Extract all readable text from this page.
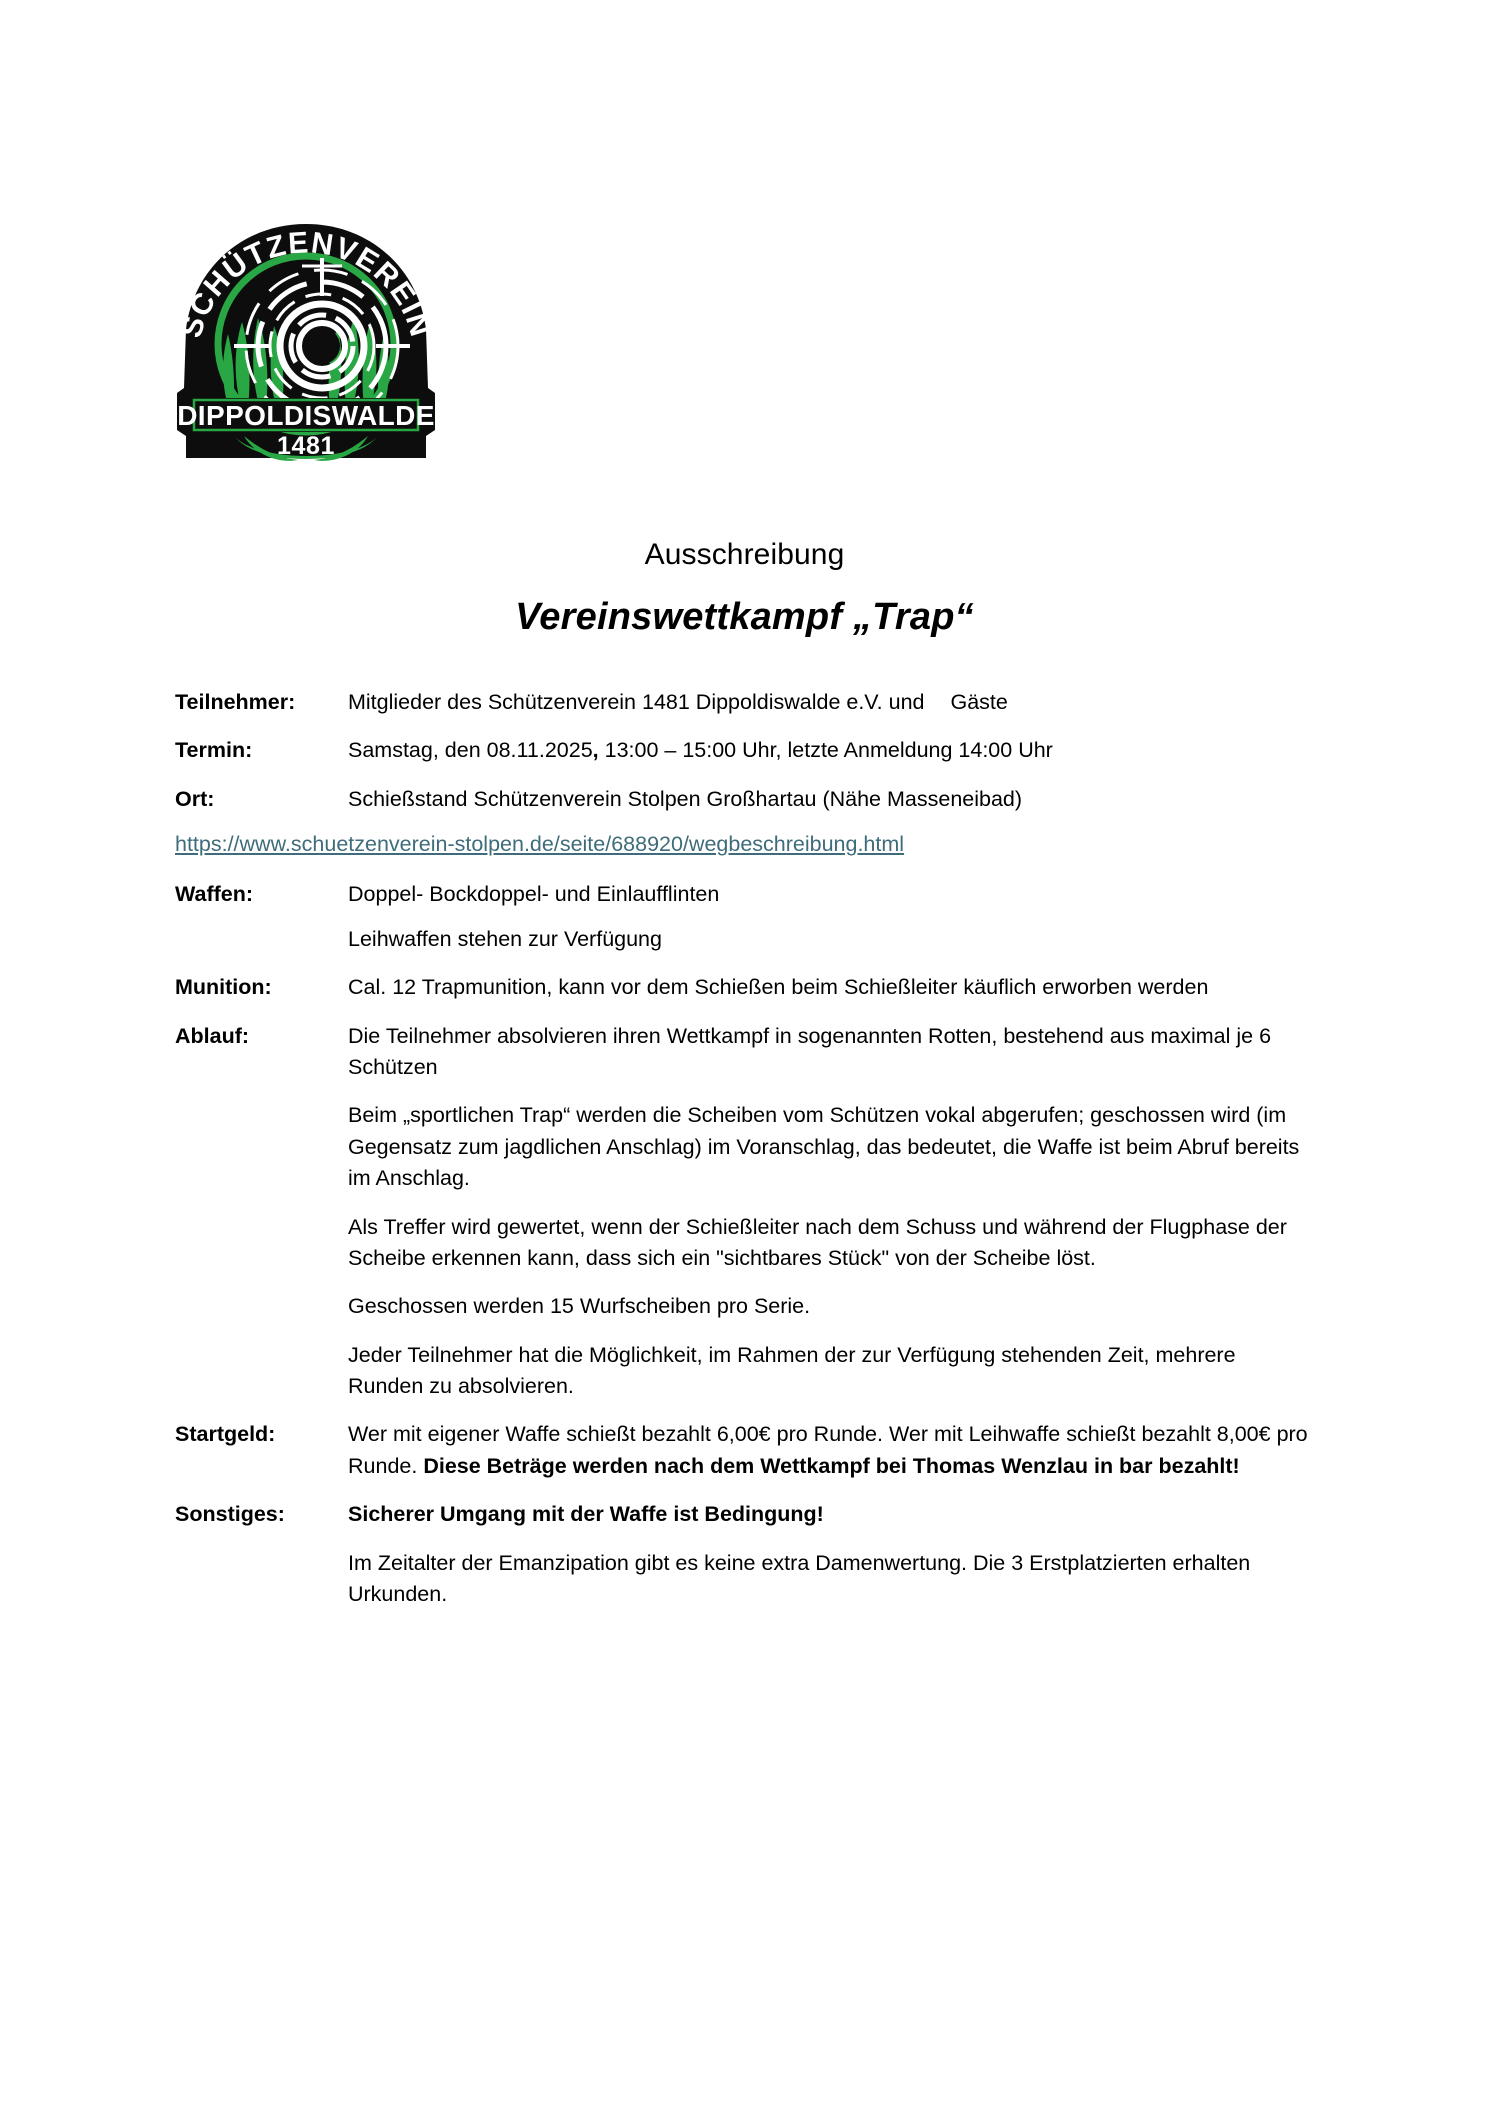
SCHÜTZENVEREIN
DIPPOLDISWALDE
1481
Ausschreibung
Vereinswettkampf „Trap“
Teilnehmer:	Mitglieder des Schützenverein 1481 Dippoldiswalde e.V. und Gäste
Termin:	Samstag, den 08.11.2025, 13:00 – 15:00 Uhr, letzte Anmeldung 14:00 Uhr
Ort:	Schießstand Schützenverein Stolpen Großhartau (Nähe Masseneibad)
https://www.schuetzenverein-stolpen.de/seite/688920/wegbeschreibung.html
Waffen:	Doppel- Bockdoppel- und Einlaufflinten
Leihwaffen stehen zur Verfügung
Munition:	Cal. 12 Trapmunition, kann vor dem Schießen beim Schießleiter käuflich erworben werden
Ablauf:	Die Teilnehmer absolvieren ihren Wettkampf in sogenannten Rotten, bestehend aus maximal je 6 Schützen
Beim „sportlichen Trap“ werden die Scheiben vom Schützen vokal abgerufen; geschossen wird (im Gegensatz zum jagdlichen Anschlag) im Voranschlag, das bedeutet, die Waffe ist beim Abruf bereits im Anschlag.
Als Treffer wird gewertet, wenn der Schießleiter nach dem Schuss und während der Flugphase der Scheibe erkennen kann, dass sich ein "sichtbares Stück" von der Scheibe löst.
Geschossen werden 15 Wurfscheiben pro Serie.
Jeder Teilnehmer hat die Möglichkeit, im Rahmen der zur Verfügung stehenden Zeit, mehrere Runden zu absolvieren.
Startgeld:	Wer mit eigener Waffe schießt bezahlt 6,00€ pro Runde. Wer mit Leihwaffe schießt bezahlt 8,00€ pro Runde. Diese Beträge werden nach dem Wettkampf bei Thomas Wenzlau in bar bezahlt!
Sonstiges:	Sicherer Umgang mit der Waffe ist Bedingung!
Im Zeitalter der Emanzipation gibt es keine extra Damenwertung. Die 3 Erstplatzierten erhalten Urkunden.
